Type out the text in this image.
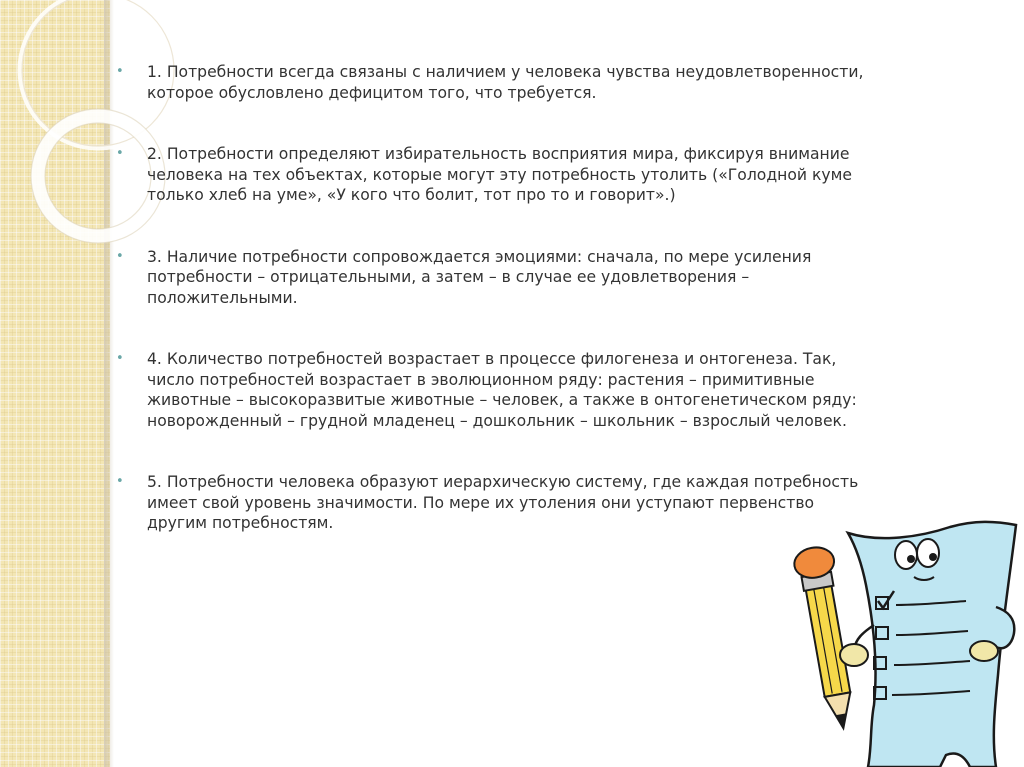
• 1. Потребности всегда связаны с наличием у человека чувства неудовлетворенности, которое обусловлено дефицитом того, что требуется.

• 2. Потребности определяют избирательность восприятия мира, фиксируя внимание человека на тех объектах, которые могут эту потребность утолить («Голодной куме только хлеб на уме», «У кого что болит, тот про то и говорит».)

• 3. Наличие потребности сопровождается эмоциями: сначала, по мере усиления потребности – отрицательными, а затем – в случае ее удовлетворения – положительными.

• 4. Количество потребностей возрастает в процессе филогенеза и онтогенеза. Так, число потребностей возрастает в эволюционном ряду: растения – примитивные животные – высокоразвитые животные – человек, а также в онтогенетическом ряду: новорожденный – грудной младенец – дошкольник – школьник – взрослый человек.

• 5. Потребности человека образуют иерархическую систему, где каждая потребность имеет свой уровень значимости. По мере их утоления они уступают первенство другим потребностям.
